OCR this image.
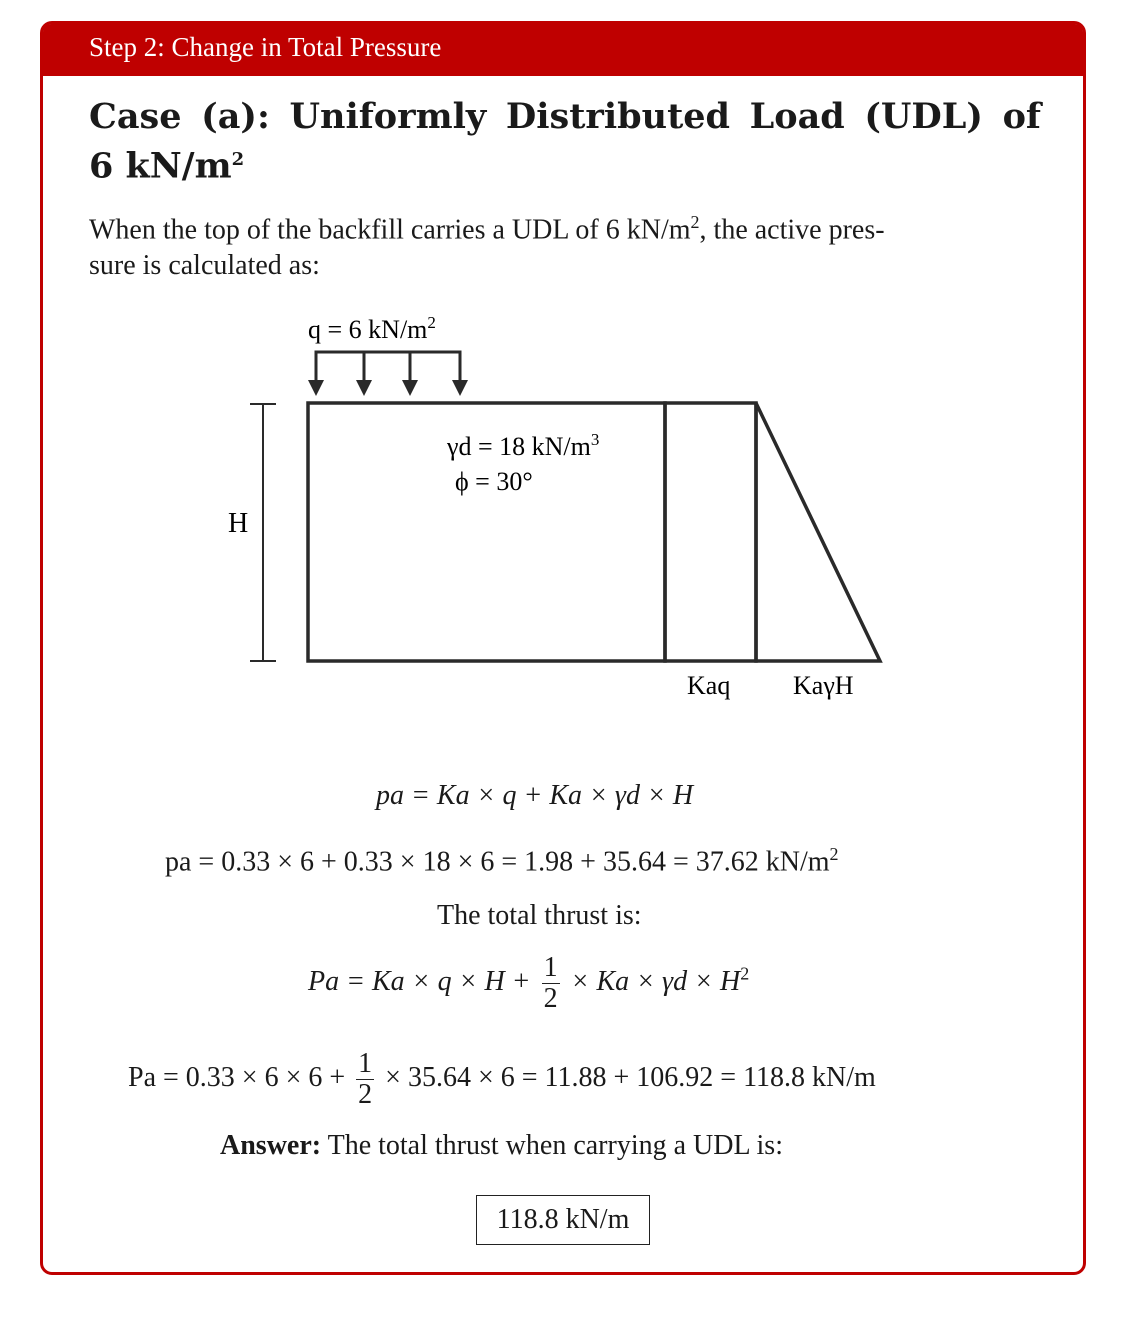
Step 2: Change in Total Pressure
Case (a): Uniformly Distributed Load (UDL) of
6 $kN/m^2$
When the top of the backfill carries a UDL of 6 $kN/m^2$, the active pres-
sure is calculated as:
q = 6 $kN/m^2$
H
γd = 18 $kN/m^3$
ϕ = 30°
Kaq KaγH
pa = Ka × q + Ka × γd × H
pa = 0.33 × 6 + 0.33 × 18 × 6 = 1.98 + 35.64 = 37.62 $kN/m^2$
The total thrust is:
$Pa = Ka \times q \times H + \frac{1}{2} \times Ka \times \gamma d \times H^2$
$Pa = 0.33 \times 6 \times 6 + \frac{1}{2} \times 35.64 \times 6 = 11.88 + 106.92 = 118.8$ kN/m
Answer: The total thrust when carrying a UDL is:
118.8 kN/m
